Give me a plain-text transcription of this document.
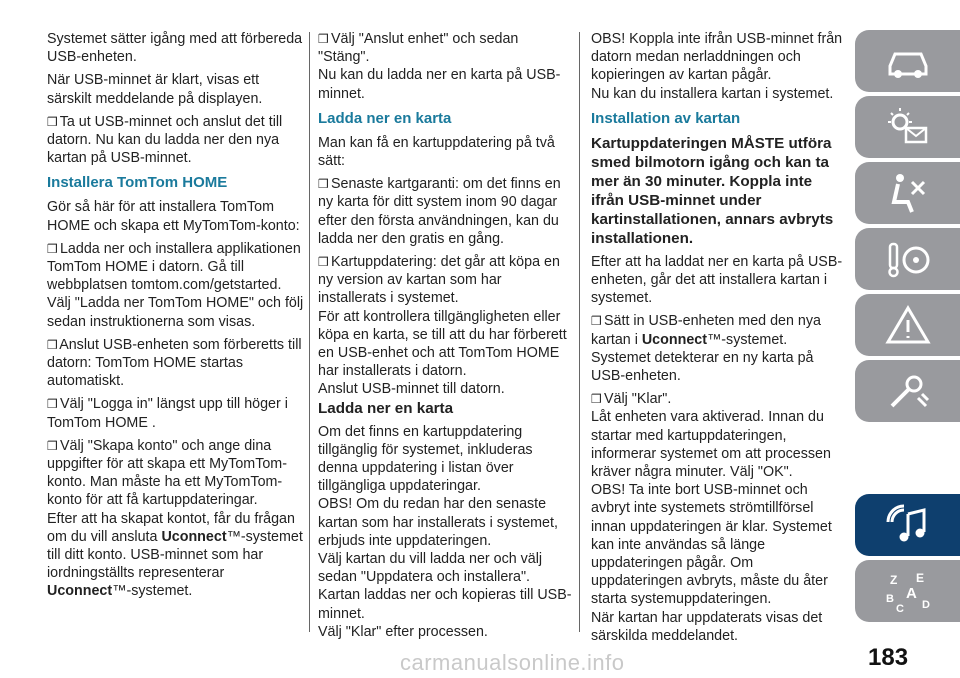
Systemet sätter igång med att förbereda USB-enheten.

När USB-minnet är klart, visas ett särskilt meddelande på displayen.

❒ Ta ut USB-minnet och anslut det till datorn. Nu kan du ladda ner den nya kartan på USB-minnet.

Installera TomTom HOME

Gör så här för att installera TomTom HOME och skapa ett MyTomTom-konto:

❒ Ladda ner och installera applikationen TomTom HOME i datorn. Gå till webbplatsen tomtom.com/getstarted. Välj "Ladda ner TomTom HOME" och följ sedan instruktionerna som visas.

❒ Anslut USB-enheten som förberetts till datorn: TomTom HOME startas automatiskt.

❒ Välj "Logga in" längst upp till höger i TomTom HOME .

❒ Välj "Skapa konto" och ange dina uppgifter för att skapa ett MyTomTom-konto. Man måste ha ett MyTomTom-konto för att få kartuppdateringar.

Efter att ha skapat kontot, får du frågan om du vill ansluta Uconnect™-systemet till ditt konto. USB-minnet som har iordningställts representerar Uconnect™-systemet.

❒ Välj "Anslut enhet" och sedan "Stäng".

Nu kan du ladda ner en karta på USB-minnet.

Ladda ner en karta

Man kan få en kartuppdatering på två sätt:

❒ Senaste kartgaranti: om det finns en ny karta för ditt system inom 90 dagar efter den första användningen, kan du ladda ner den gratis en gång.

❒ Kartuppdatering: det går att köpa en ny version av kartan som har installerats i systemet.

För att kontrollera tillgängligheten eller köpa en karta, se till att du har förberett en USB-enhet och att TomTom HOME har installerats i datorn.

Anslut USB-minnet till datorn.

Ladda ner en karta

Om det finns en kartuppdatering tillgänglig för systemet, inkluderas denna uppdatering i listan över tillgängliga uppdateringar.

OBS! Om du redan har den senaste kartan som har installerats i systemet, erbjuds inte uppdateringen.

Välj kartan du vill ladda ner och välj sedan "Uppdatera och installera".

Kartan laddas ner och kopieras till USB-minnet.

Välj "Klar" efter processen.

OBS! Koppla inte ifrån USB-minnet från datorn medan nerladdningen och kopieringen av kartan pågår.

Nu kan du installera kartan i systemet.

Installation av kartan

Kartuppdateringen MÅSTE utföra smed bilmotorn igång och kan ta mer än 30 minuter. Koppla inte ifrån USB-minnet under kartinstallationen, annars avbryts installationen.

Efter att ha laddat ner en karta på USB-enheten, går det att installera kartan i systemet.

❒ Sätt in USB-enheten med den nya kartan i Uconnect™-systemet.

Systemet detekterar en ny karta på USB-enheten.

❒ Välj "Klar".

Låt enheten vara aktiverad. Innan du startar med kartuppdateringen, informerar systemet om att processen kräver några minuter. Välj "OK".

OBS! Ta inte bort USB-minnet och avbryt inte systemets strömtillförsel innan uppdateringen är klar. Systemet kan inte användas så länge uppdateringen pågår. Om uppdateringen avbryts, måste du åter starta systemuppdateringen.

När kartan har uppdaterats visas det särskilda meddelandet.

Z E
A
B
C D
183
carmanualsonline.info
